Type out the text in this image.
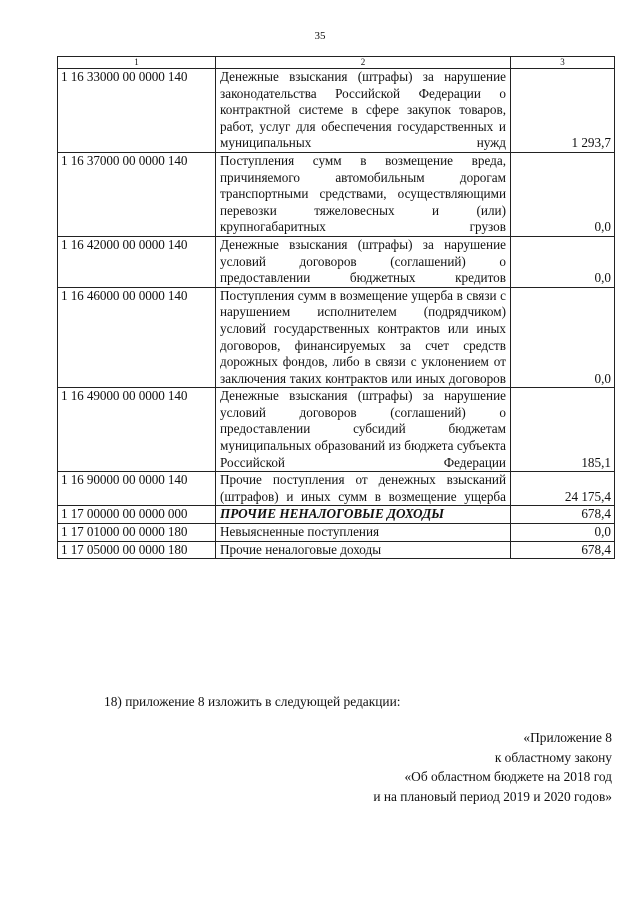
35
1	2	3
1 16 33000 00 0000 140	Денежные взыскания (штрафы) за нарушение законодательства Российской Федерации о контрактной системе в сфере закупок товаров, работ, услуг для обеспечения государственных и муниципальных нужд	1 293,7
1 16 37000 00 0000 140	Поступления сумм в возмещение вреда, причиняемого автомобильным дорогам транспортными средствами, осуществляющими перевозки тяжеловесных и (или) крупногабаритных грузов	0,0
1 16 42000 00 0000 140	Денежные взыскания (штрафы) за нарушение условий договоров (соглашений) о предоставлении бюджетных кредитов	0,0
1 16 46000 00 0000 140	Поступления сумм в возмещение ущерба в связи с нарушением исполнителем (подрядчиком) условий государственных контрактов или иных договоров, финансируемых за счет средств дорожных фондов, либо в связи с уклонением от заключения таких контрактов или иных договоров	0,0
1 16 49000 00 0000 140	Денежные взыскания (штрафы) за нарушение условий договоров (соглашений) о предоставлении субсидий бюджетам муниципальных образований из бюджета субъекта Российской Федерации	185,1
1 16 90000 00 0000 140	Прочие поступления от денежных взысканий (штрафов) и иных сумм в возмещение ущерба	24 175,4
1 17 00000 00 0000 000	ПРОЧИЕ НЕНАЛОГОВЫЕ ДОХОДЫ	678,4
1 17 01000 00 0000 180	Невыясненные поступления	0,0
1 17 05000 00 0000 180	Прочие неналоговые доходы	678,4
18) приложение 8 изложить в следующей редакции:
«Приложение 8
к областному закону
«Об областном бюджете на 2018 год
и на плановый период 2019 и 2020 годов»
